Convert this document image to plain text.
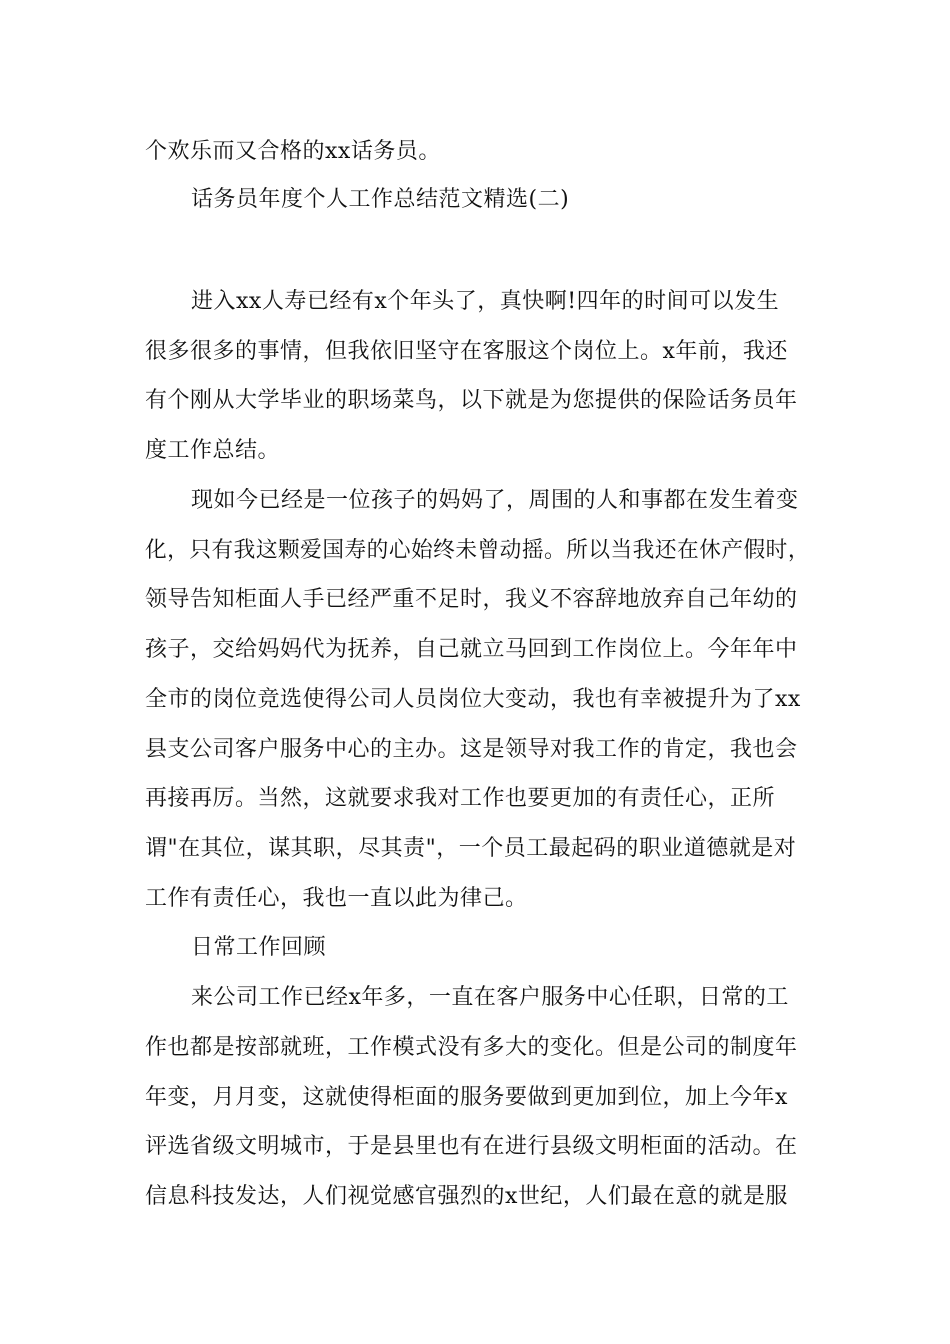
个欢乐而又合格的xx话务员。
话务员年度个人工作总结范文精选(二)
进入xx人寿已经有x个年头了，真快啊!四年的时间可以发生
很多很多的事情，但我依旧坚守在客服这个岗位上。x年前，我还
有个刚从大学毕业的职场菜鸟，以下就是为您提供的保险话务员年
度工作总结。
现如今已经是一位孩子的妈妈了，周围的人和事都在发生着变
化，只有我这颗爱国寿的心始终未曾动摇。所以当我还在休产假时，
领导告知柜面人手已经严重不足时，我义不容辞地放弃自己年幼的
孩子，交给妈妈代为抚养，自己就立马回到工作岗位上。今年年中
全市的岗位竞选使得公司人员岗位大变动，我也有幸被提升为了xx
县支公司客户服务中心的主办。这是领导对我工作的肯定，我也会
再接再厉。当然，这就要求我对工作也要更加的有责任心，正所
谓"在其位，谋其职，尽其责"，一个员工最起码的职业道德就是对
工作有责任心，我也一直以此为律己。
日常工作回顾
来公司工作已经x年多，一直在客户服务中心任职，日常的工
作也都是按部就班，工作模式没有多大的变化。但是公司的制度年
年变，月月变，这就使得柜面的服务要做到更加到位，加上今年x
评选省级文明城市，于是县里也有在进行县级文明柜面的活动。在
信息科技发达，人们视觉感官强烈的x世纪，人们最在意的就是服
